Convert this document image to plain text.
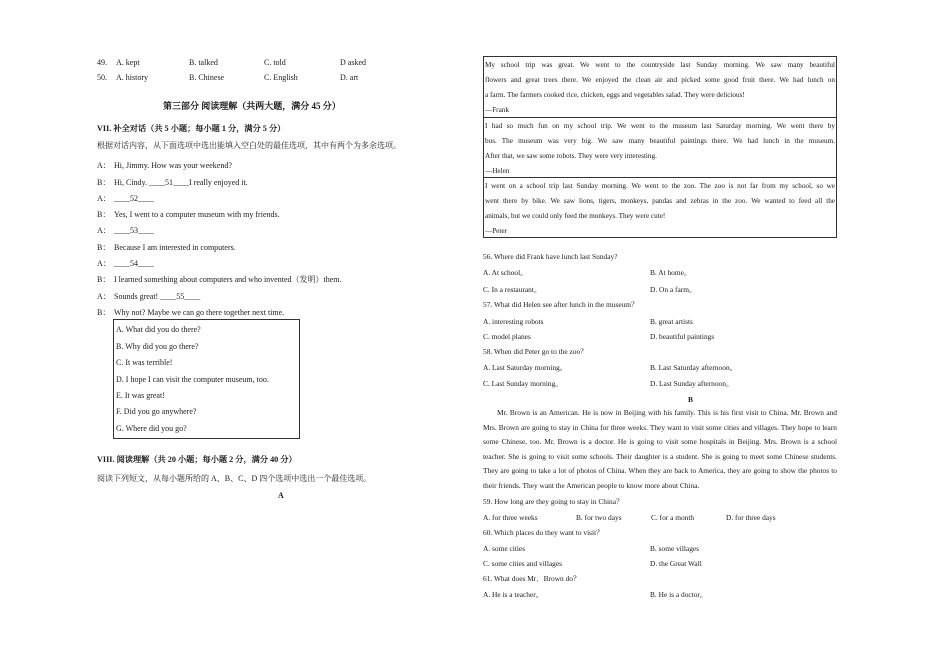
49. A. kept	B. talked	C. told	D asked
50. A. history	B. Chinese	C. English	D. art
第三部分 阅读理解（共两大题，满分 45 分）
VII. 补全对话（共 5 小题；每小题 1 分，满分 5 分）
根据对话内容，从下面选项中选出能填入空白处的最佳选项，其中有两个为多余选项。
A： Hi, Jimmy. How was your weekend?
B： Hi, Cindy. ____51____I really enjoyed it.
A： ____52____
B： Yes, I went to a computer museum with my friends.
A： ____53____
B： Because I am interested in computers.
A： ____54____
B： I learned something about computers and who invented（发明）them.
A： Sounds great! ____55____
B： Why not? Maybe we can go there together next time.
A. What did you do there?
B. Why did you go there?
C. It was terrible!
D. I hope I can visit the computer museum, too.
E. It was great!
F. Did you go anywhere?
G. Where did you go?
VIII. 阅读理解（共 20 小题；每小题 2 分，满分 40 分）
阅读下列短文，从每小题所给的 A、B、C、D 四个选项中选出一个最佳选项。
A
My school trip was great. We went to the countryside last Sunday morning. We saw many beautiful
flowers and great trees there. We enjoyed the clean air and picked some good fruit there. We had lunch on
a farm. The farmers cooked rice, chicken, eggs and vegetables salad. They were delicious!
—Frank
I had so much fun on my school trip. We went to the museum last Saturday morning. We went there by
bus. The museum was very big. We saw many beautiful paintings there. We had lunch in the museum.
After that, we saw some robots. They were very interesting.
—Helen
I went on a school trip last Sunday morning. We went to the zoo. The zoo is not far from my school, so we
went there by bike. We saw lions, tigers, monkeys, pandas and zebras in the zoo. We wanted to feed all the
animals, but we could only feed the monkeys. They were cute!
—Peter
56. Where did Frank have lunch last Sunday?
A. At school。	B. At home。
C. In a restaurant。	D. On a farm。
57. What did Helen see after lunch in the museum？
A. interesting robots	B. great artists
C. model planes	D. beautiful paintings
58. When did Peter go to the zoo？
A. Last Saturday morning。	B. Last Saturday afternoon。
C. Last Sunday morning。	D. Last Sunday afternoon。
B
Mr. Brown is an American. He is now in Beijing with his family. This is his first visit to China. Mr. Brown and Mrs. Brown are going to stay in China for three weeks. They want to visit some cities and villages. They hope to learn some Chinese, too. Mr. Brown is a doctor. He is going to visit some hospitals in Beijing. Mrs. Brown is a school teacher. She is going to visit some schools. Their daughter is a student. She is going to meet some Chinese students. They are going to take a lot of photos of China. When they are back to America, they are going to show the photos to their friends. They want the American people to know more about China.
59. How long are they going to stay in China？
A. for three weeks	B. for two days	C. for a month	D. for three days
60. Which places do they want to visit？
A. some cities	B. some villages
C. some cities and villages	D. the Great Wall
61. What does Mr．Brown do？
A. He is a teacher。	B. He is a doctor。
